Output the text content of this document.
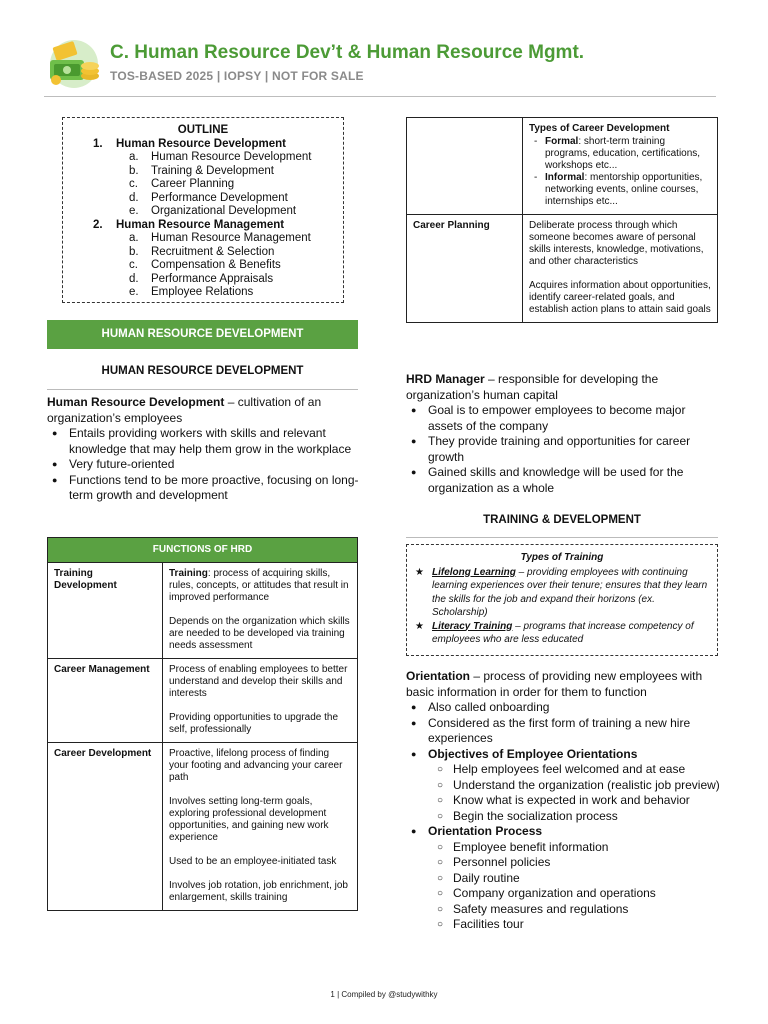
C. Human Resource Dev’t & Human Resource Mgmt.
TOS-BASED 2025 | IOPSY | NOT FOR SALE
OUTLINE
1.	Human Resource Development
a.	Human Resource Development
b.	Training & Development
c.	Career Planning
d.	Performance Development
e.	Organizational Development
2.	Human Resource Management
a.	Human Resource Management
b.	Recruitment & Selection
c.	Compensation & Benefits
d.	Performance Appraisals
e.	Employee Relations
HUMAN RESOURCE DEVELOPMENT
HUMAN RESOURCE DEVELOPMENT
Human Resource Development – cultivation of an organization’s employees
● Entails providing workers with skills and relevant knowledge that may help them grow in the workplace
● Very future-oriented
● Functions tend to be more proactive, focusing on long-term growth and development
FUNCTIONS OF HRD	
Training Development	Training: process of acquiring skills, rules, concepts, or attitudes that result in improved performance

Depends on the organization which skills are needed to be developed via training needs assessment

Career Management	Process of enabling employees to better understand and develop their skills and interests

Providing opportunities to upgrade the self, professionally

Career Development	Proactive, lifelong process of finding your footing and advancing your career path

Involves setting long-term goals, exploring professional development opportunities, and gaining new work experience

Used to be an employee-initiated task

Involves job rotation, job enrichment, job enlargement, skills training

	Types of Career Development
- Formal: short-term training programs, education, certifications, workshops etc...
- Informal: mentorship opportunities, networking events, online courses, internships etc...

Career Planning	Deliberate process through which someone becomes aware of personal skills interests, knowledge, motivations, and other characteristics

Acquires information about opportunities, identify career-related goals, and establish action plans to attain said goals

HRD Manager – responsible for developing the organization’s human capital
● Goal is to empower employees to become major assets of the company
● They provide training and opportunities for career growth
● Gained skills and knowledge will be used for the organization as a whole
TRAINING & DEVELOPMENT
Types of Training
★ Lifelong Learning – providing employees with continuing learning experiences over their tenure; ensures that they learn the skills for the job and expand their horizons (ex. Scholarship)
★ Literacy Training – programs that increase competency of employees who are less educated
Orientation – process of providing new employees with basic information in order for them to function
● Also called onboarding
● Considered as the first form of training a new hire experiences
● Objectives of Employee Orientations
○ Help employees feel welcomed and at ease
○ Understand the organization (realistic job preview)
○ Know what is expected in work and behavior
○ Begin the socialization process
● Orientation Process
○ Employee benefit information
○ Personnel policies
○ Daily routine
○ Company organization and operations
○ Safety measures and regulations
○ Facilities tour
1 | Compiled by @studywithky
